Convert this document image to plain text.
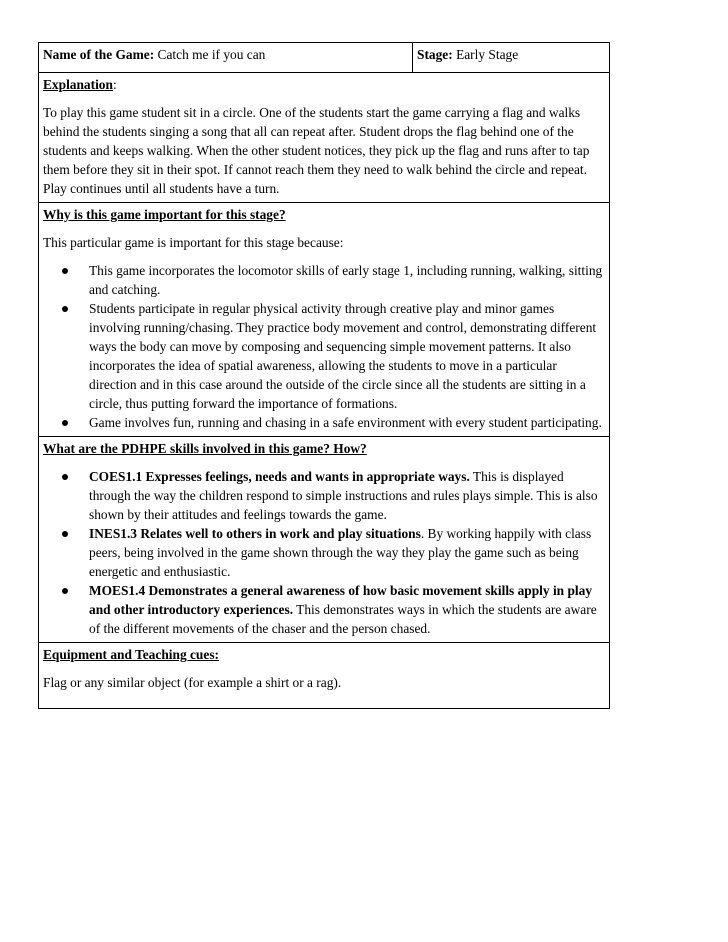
Name of the Game: Catch me if you can	Stage: Early Stage

Explanation:

To play this game student sit in a circle. One of the students start the game carrying a flag and walks behind the students singing a song that all can repeat after. Student drops the flag behind one of the students and keeps walking. When the other student notices, they pick up the flag and runs after to tap them before they sit in their spot. If cannot reach them they need to walk behind the circle and repeat. Play continues until all students have a turn.

Why is this game important for this stage?

This particular game is important for this stage because:

This game incorporates the locomotor skills of early stage 1, including running, walking, sitting and catching.
Students participate in regular physical activity through creative play and minor games involving running/chasing. They practice body movement and control, demonstrating different ways the body can move by composing and sequencing simple movement patterns. It also incorporates the idea of spatial awareness, allowing the students to move in a particular direction and in this case around the outside of the circle since all the students are sitting in a circle, thus putting forward the importance of formations.
Game involves fun, running and chasing in a safe environment with every student participating.

What are the PDHPE skills involved in this game? How?

COES1.1 Expresses feelings, needs and wants in appropriate ways. This is displayed through the way the children respond to simple instructions and rules plays simple. This is also shown by their attitudes and feelings towards the game.
INES1.3 Relates well to others in work and play situations. By working happily with class peers, being involved in the game shown through the way they play the game such as being energetic and enthusiastic.
MOES1.4 Demonstrates a general awareness of how basic movement skills apply in play and other introductory experiences. This demonstrates ways in which the students are aware of the different movements of the chaser and the person chased.

Equipment and Teaching cues:

Flag or any similar object (for example a shirt or a rag).
